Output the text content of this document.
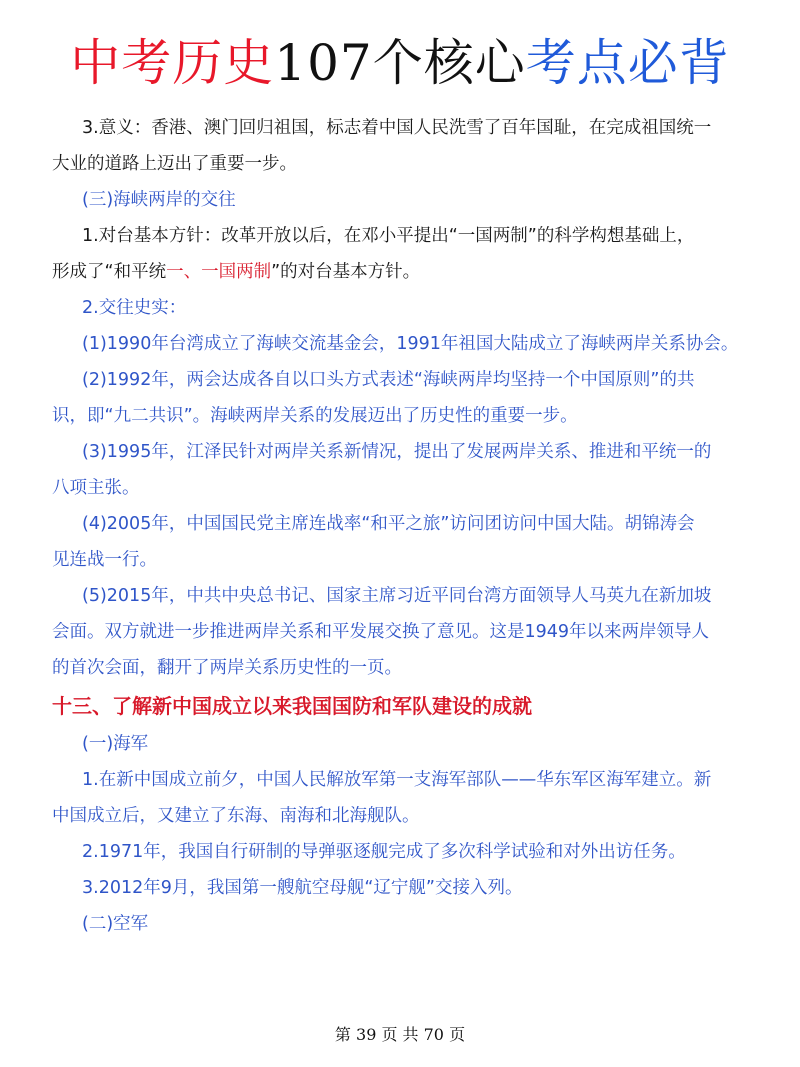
中考历史107个核心考点必背
3.意义：香港、澳门回归祖国，标志着中国人民洗雪了百年国耻，在完成祖国统一
大业的道路上迈出了重要一步。
(三)海峡两岸的交往
1.对台基本方针：改革开放以后，在邓小平提出“一国两制”的科学构想基础上，
形成了“和平统一、一国两制”的对台基本方针。
2.交往史实：
(1)1990年台湾成立了海峡交流基金会，1991年祖国大陆成立了海峡两岸关系协会。
(2)1992年，两会达成各自以口头方式表述“海峡两岸均坚持一个中国原则”的共
识，即“九二共识”。海峡两岸关系的发展迈出了历史性的重要一步。
(3)1995年，江泽民针对两岸关系新情况，提出了发展两岸关系、推进和平统一的
八项主张。
(4)2005年，中国国民党主席连战率“和平之旅”访问团访问中国大陆。胡锦涛会
见连战一行。
(5)2015年，中共中央总书记、国家主席习近平同台湾方面领导人马英九在新加坡
会面。双方就进一步推进两岸关系和平发展交换了意见。这是1949年以来两岸领导人
的首次会面，翻开了两岸关系历史性的一页。
十三、了解新中国成立以来我国国防和军队建设的成就
(一)海军
1.在新中国成立前夕，中国人民解放军第一支海军部队——华东军区海军建立。新
中国成立后，又建立了东海、南海和北海舰队。
2.1971年，我国自行研制的导弹驱逐舰完成了多次科学试验和对外出访任务。
3.2012年9月，我国第一艘航空母舰“辽宁舰”交接入列。
(二)空军
第 39 页 共 70 页
